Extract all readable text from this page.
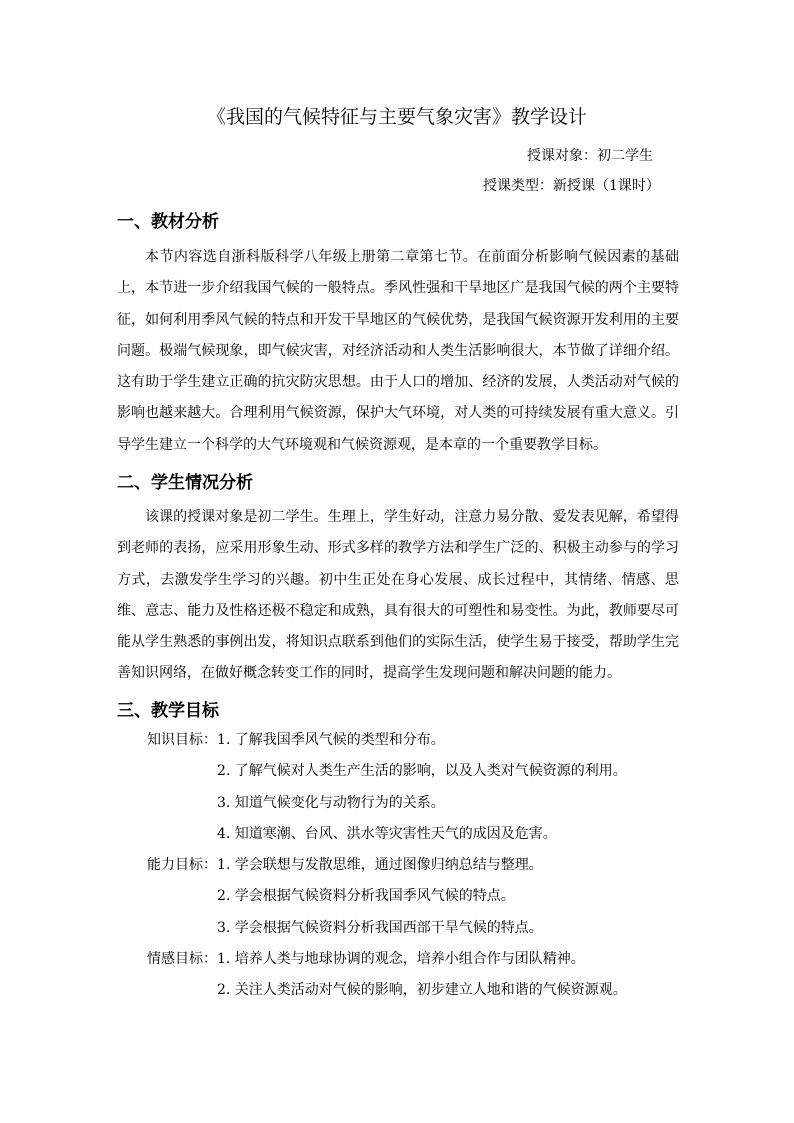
《我国的气候特征与主要气象灾害》教学设计
授课对象：初二学生
授课类型：新授课（1课时）
一、教材分析

本节内容选自浙科版科学八年级上册第二章第七节。在前面分析影响气候因素的基础上，本节进一步介绍我国气候的一般特点。季风性强和干旱地区广是我国气候的两个主要特征，如何利用季风气候的特点和开发干旱地区的气候优势，是我国气候资源开发利用的主要问题。极端气候现象，即气候灾害，对经济活动和人类生活影响很大，本节做了详细介绍。这有助于学生建立正确的抗灾防灾思想。由于人口的增加、经济的发展，人类活动对气候的影响也越来越大。合理利用气候资源，保护大气环境，对人类的可持续发展有重大意义。引导学生建立一个科学的大气环境观和气候资源观，是本章的一个重要教学目标。

二、学生情况分析

该课的授课对象是初二学生。生理上，学生好动，注意力易分散、爱发表见解，希望得到老师的表扬，应采用形象生动、形式多样的教学方法和学生广泛的、积极主动参与的学习方式，去激发学生学习的兴趣。初中生正处在身心发展、成长过程中，其情绪、情感、思维、意志、能力及性格还极不稳定和成熟，具有很大的可塑性和易变性。为此，教师要尽可能从学生熟悉的事例出发，将知识点联系到他们的实际生活，使学生易于接受，帮助学生完善知识网络，在做好概念转变工作的同时，提高学生发现问题和解决问题的能力。

三、教学目标
知识目标： 1. 了解我国季风气候的类型和分布。
2. 了解气候对人类生产生活的影响，以及人类对气候资源的利用。
3. 知道气候变化与动物行为的关系。
4. 知道寒潮、台风、洪水等灾害性天气的成因及危害。
能力目标： 1. 学会联想与发散思维，通过图像归纳总结与整理。
2. 学会根据气候资料分析我国季风气候的特点。
3. 学会根据气候资料分析我国西部干旱气候的特点。
情感目标： 1. 培养人类与地球协调的观念，培养小组合作与团队精神。
2. 关注人类活动对气候的影响，初步建立人地和谐的气候资源观。
